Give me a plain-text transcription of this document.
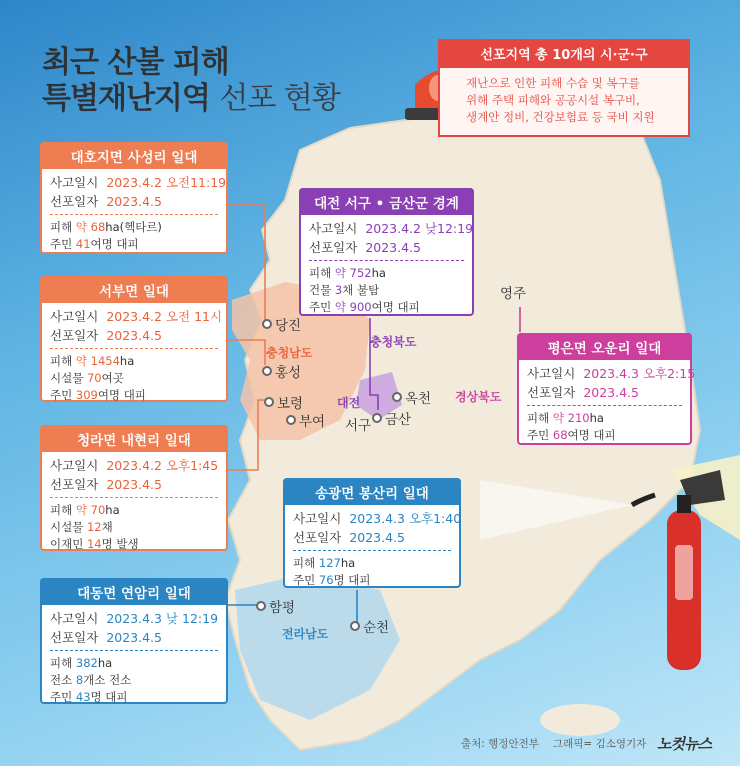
최근 산불 피해
특별재난지역 선포 현황
선포지역 총 10개의 시·군·구
재난으로 인한 피해 수습 및 복구를
위해 주택 피해와 공공시설 복구비,
생계안 정비, 건강보험료 등 국비 지원
대호지면 사성리 일대
사고일시 2023.4.2 오전11:19
선포일자 2023.4.5
피해 약 68ha(헥타르)
주민 41여명 대피
서부면 일대
사고일시 2023.4.2 오전 11시
선포일자 2023.4.5
피해 약 1454ha
시설물 70여곳
주민 309여명 대피
청라면 내현리 일대
사고일시 2023.4.2 오후1:45
선포일자 2023.4.5
피해 약 70ha
시설물 12채
이재민 14명 발생
대동면 연암리 일대
사고일시 2023.4.3 낮 12:19
선포일자 2023.4.5
피해 382ha
전소 8개소 전소
주민 43명 대피
대전 서구 • 금산군 경계
사고일시 2023.4.2 낮12:19
선포일자 2023.4.5
피해 약 752ha
건물 3채 불탐
주민 약 900여명 대피
평은면 오운리 일대
사고일시 2023.4.3 오후2:15
선포일자 2023.4.5
피해 약 210ha
주민 68여명 대피
송광면 봉산리 일대
사고일시 2023.4.3 오후1:40
선포일자 2023.4.5
피해 127ha
주민 76명 대피
당진
홍성
보령
부여	금산
서구
옥천
영주
함평
순천
충청남도
충청북도
대전	경상북도
전라남도
출처: 행정안전부 그래픽= 김소영기자 노컷뉴스
